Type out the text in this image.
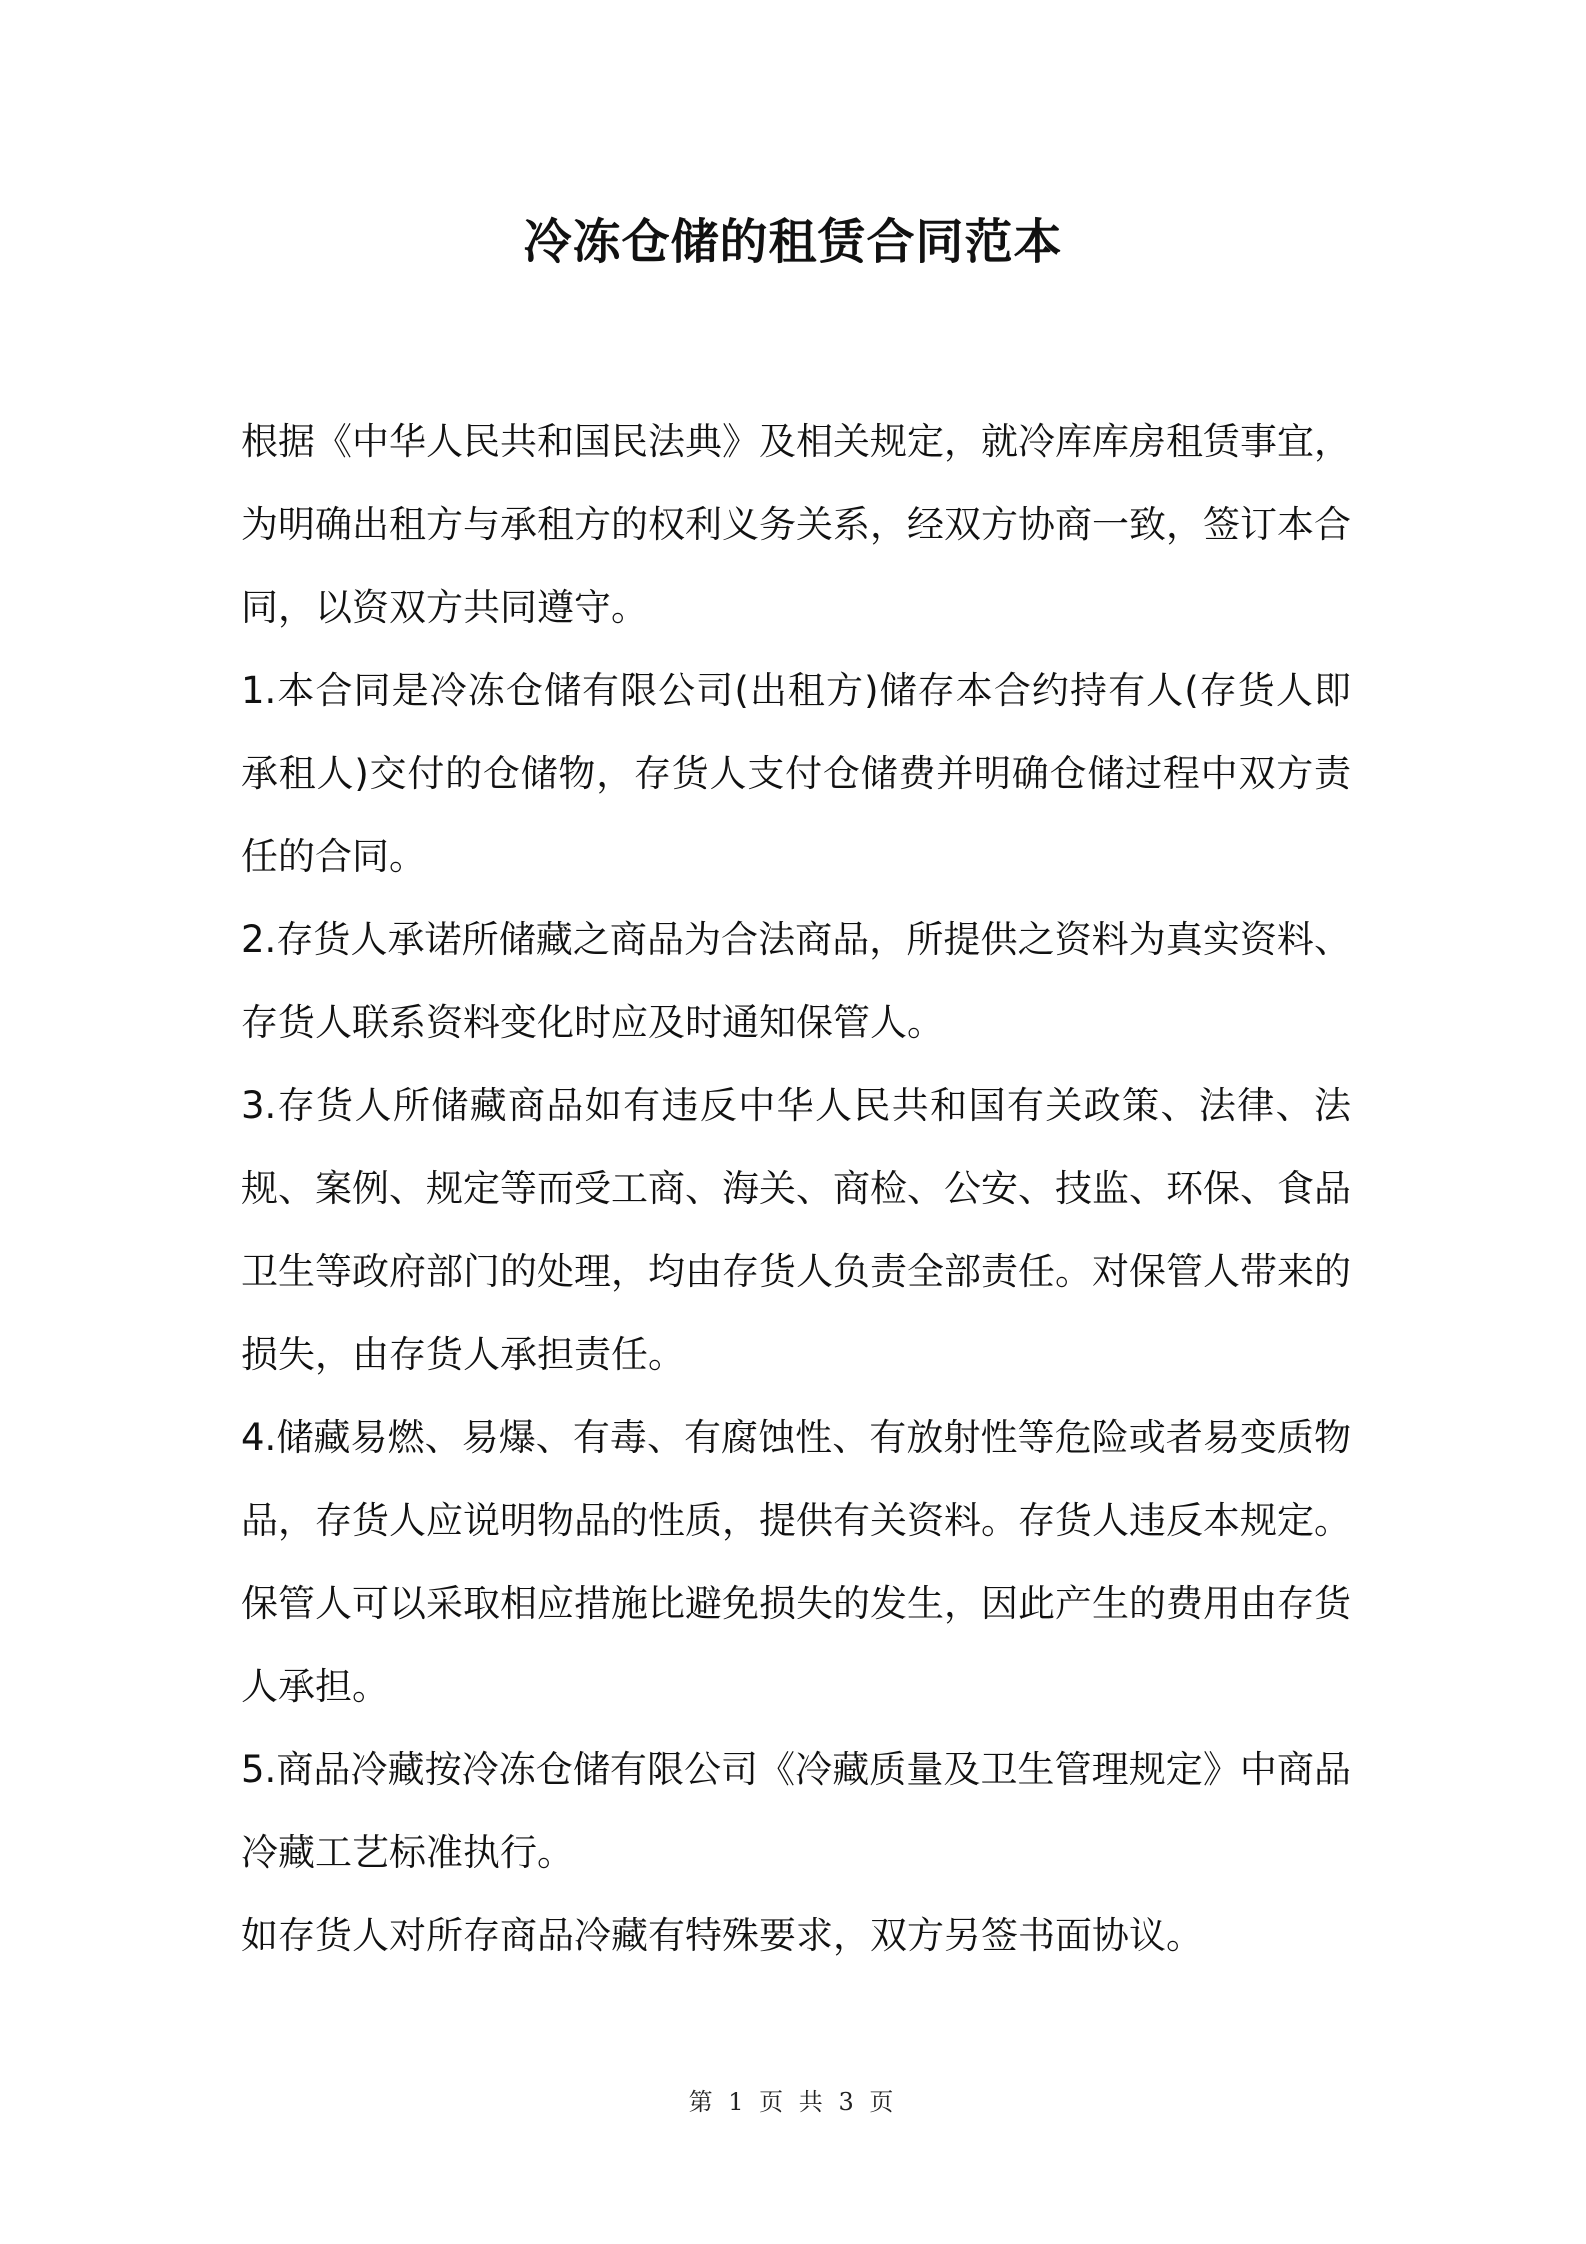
冷冻仓储的租赁合同范本

根据《中华人民共和国民法典》及相关规定，就冷库库房租赁事宜，为明确出租方与承租方的权利义务关系，经双方协商一致，签订本合同，以资双方共同遵守。

1.本合同是冷冻仓储有限公司(出租方)储存本合约持有人(存货人即承租人)交付的仓储物，存货人支付仓储费并明确仓储过程中双方责任的合同。

2.存货人承诺所储藏之商品为合法商品，所提供之资料为真实资料、存货人联系资料变化时应及时通知保管人。

3.存货人所储藏商品如有违反中华人民共和国有关政策、法律、法规、案例、规定等而受工商、海关、商检、公安、技监、环保、食品卫生等政府部门的处理，均由存货人负责全部责任。对保管人带来的损失，由存货人承担责任。

4.储藏易燃、易爆、有毒、有腐蚀性、有放射性等危险或者易变质物品，存货人应说明物品的性质，提供有关资料。存货人违反本规定。保管人可以采取相应措施比避免损失的发生，因此产生的费用由存货人承担。

5.商品冷藏按冷冻仓储有限公司《冷藏质量及卫生管理规定》中商品冷藏工艺标准执行。

如存货人对所存商品冷藏有特殊要求，双方另签书面协议。

第 1 页 共 3 页
